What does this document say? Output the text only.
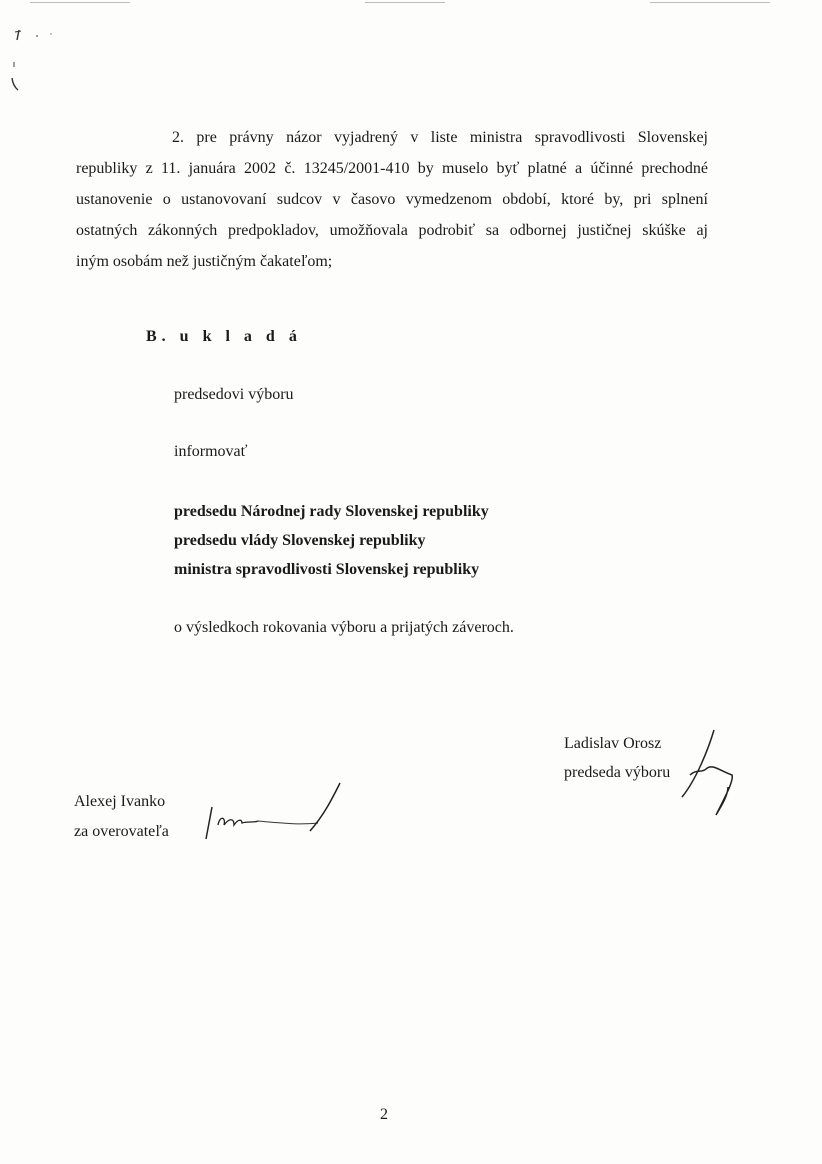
2. pre právny názor vyjadrený v liste ministra spravodlivosti Slovenskej
republiky z 11. januára 2002 č. 13245/2001-410 by muselo byť platné a účinné prechodné
ustanovenie o ustanovovaní sudcov v časovo vymedzenom období, ktoré by, pri splnení
ostatných zákonných predpokladov, umožňovala podrobiť sa odbornej justičnej skúške aj
iným osobám než justičným čakateľom;
B. u k l a d á
predsedovi výboru
informovať
predsedu Národnej rady Slovenskej republiky
predsedu vlády Slovenskej republiky
ministra spravodlivosti Slovenskej republiky
o výsledkoch rokovania výboru a prijatých záveroch.
Ladislav Orosz
predseda výboru
Alexej Ivanko
za overovateľa
2
